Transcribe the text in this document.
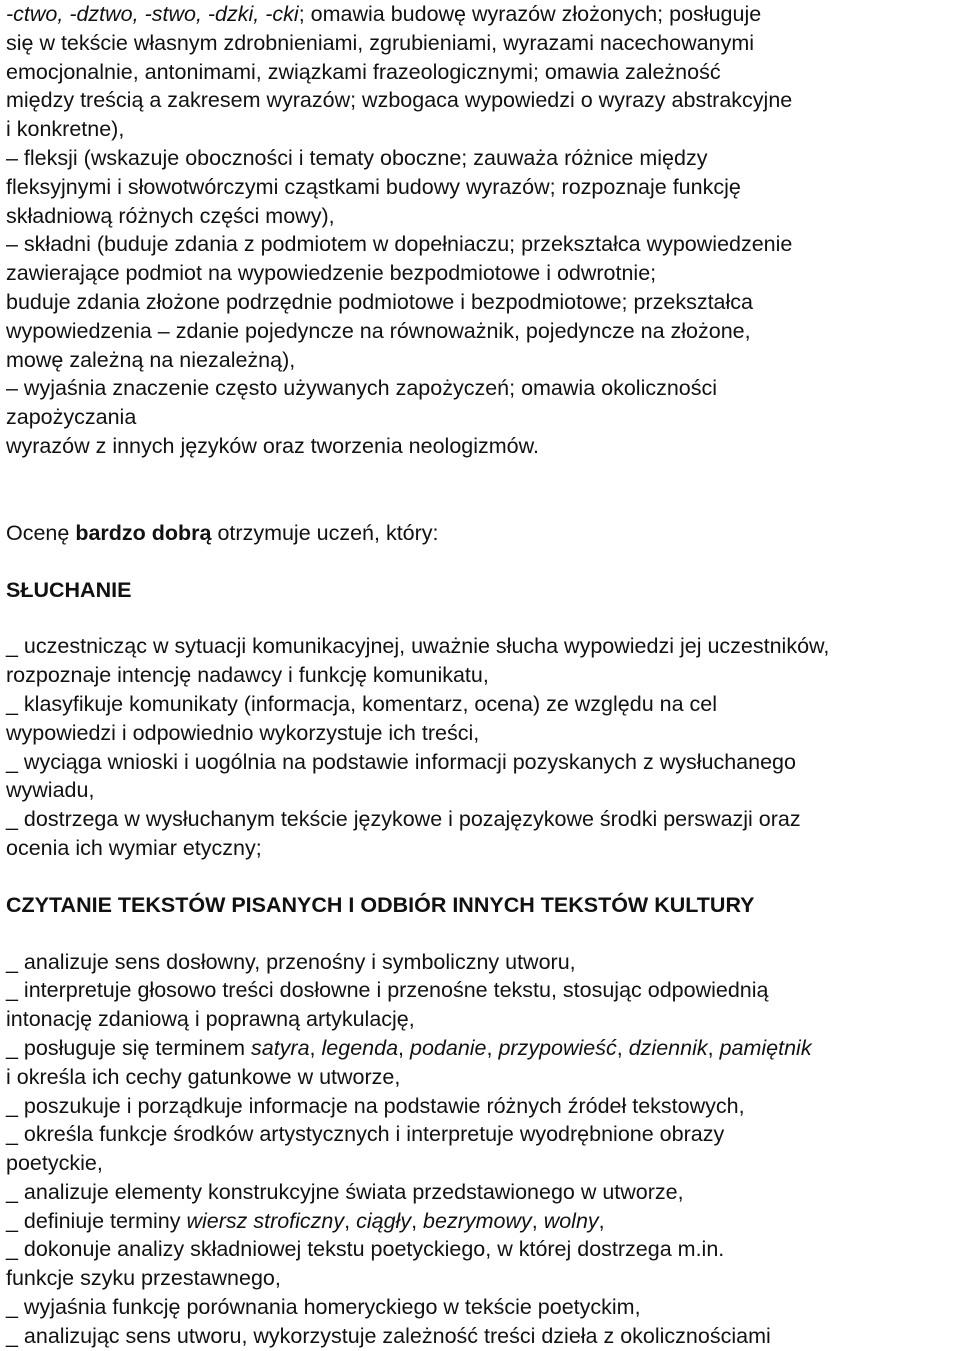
-ctwo, -dztwo, -stwo, -dzki, -cki; omawia budowę wyrazów złożonych; posługuje
się w tekście własnym zdrobnieniami, zgrubieniami, wyrazami nacechowanymi
emocjonalnie, antonimami, związkami frazeologicznymi; omawia zależność
między treścią a zakresem wyrazów; wzbogaca wypowiedzi o wyrazy abstrakcyjne
i konkretne),
– fleksji (wskazuje oboczności i tematy oboczne; zauważa różnice między
fleksyjnymi i słowotwórczymi cząstkami budowy wyrazów; rozpoznaje funkcję
składniową różnych części mowy),
– składni (buduje zdania z podmiotem w dopełniaczu; przekształca wypowiedzenie
zawierające podmiot na wypowiedzenie bezpodmiotowe i odwrotnie;
buduje zdania złożone podrzędnie podmiotowe i bezpodmiotowe; przekształca
wypowiedzenia – zdanie pojedyncze na równoważnik, pojedyncze na złożone,
mowę zależną na niezależną),
– wyjaśnia znaczenie często używanych zapożyczeń; omawia okoliczności
zapożyczania
wyrazów z innych języków oraz tworzenia neologizmów.
Ocenę bardzo dobrą otrzymuje uczeń, który:
SŁUCHANIE
_ uczestnicząc w sytuacji komunikacyjnej, uważnie słucha wypowiedzi jej uczestników,
rozpoznaje intencję nadawcy i funkcję komunikatu,
_ klasyfikuje komunikaty (informacja, komentarz, ocena) ze względu na cel
wypowiedzi i odpowiednio wykorzystuje ich treści,
_ wyciąga wnioski i uogólnia na podstawie informacji pozyskanych z wysłuchanego
wywiadu,
_ dostrzega w wysłuchanym tekście językowe i pozajęzykowe środki perswazji oraz
ocenia ich wymiar etyczny;
CZYTANIE TEKSTÓW PISANYCH I ODBIÓR INNYCH TEKSTÓW KULTURY
_ analizuje sens dosłowny, przenośny i symboliczny utworu,
_ interpretuje głosowo treści dosłowne i przenośne tekstu, stosując odpowiednią
intonację zdaniową i poprawną artykulację,
_ posługuje się terminem satyra, legenda, podanie, przypowieść, dziennik, pamiętnik
i określa ich cechy gatunkowe w utworze,
_ poszukuje i porządkuje informacje na podstawie różnych źródeł tekstowych,
_ określa funkcje środków artystycznych i interpretuje wyodrębnione obrazy
poetyckie,
_ analizuje elementy konstrukcyjne świata przedstawionego w utworze,
_ definiuje terminy wiersz stroficzny, ciągły, bezrymowy, wolny,
_ dokonuje analizy składniowej tekstu poetyckiego, w której dostrzega m.in.
funkcje szyku przestawnego,
_ wyjaśnia funkcję porównania homeryckiego w tekście poetyckim,
_ analizując sens utworu, wykorzystuje zależność treści dzieła z okolicznościami
